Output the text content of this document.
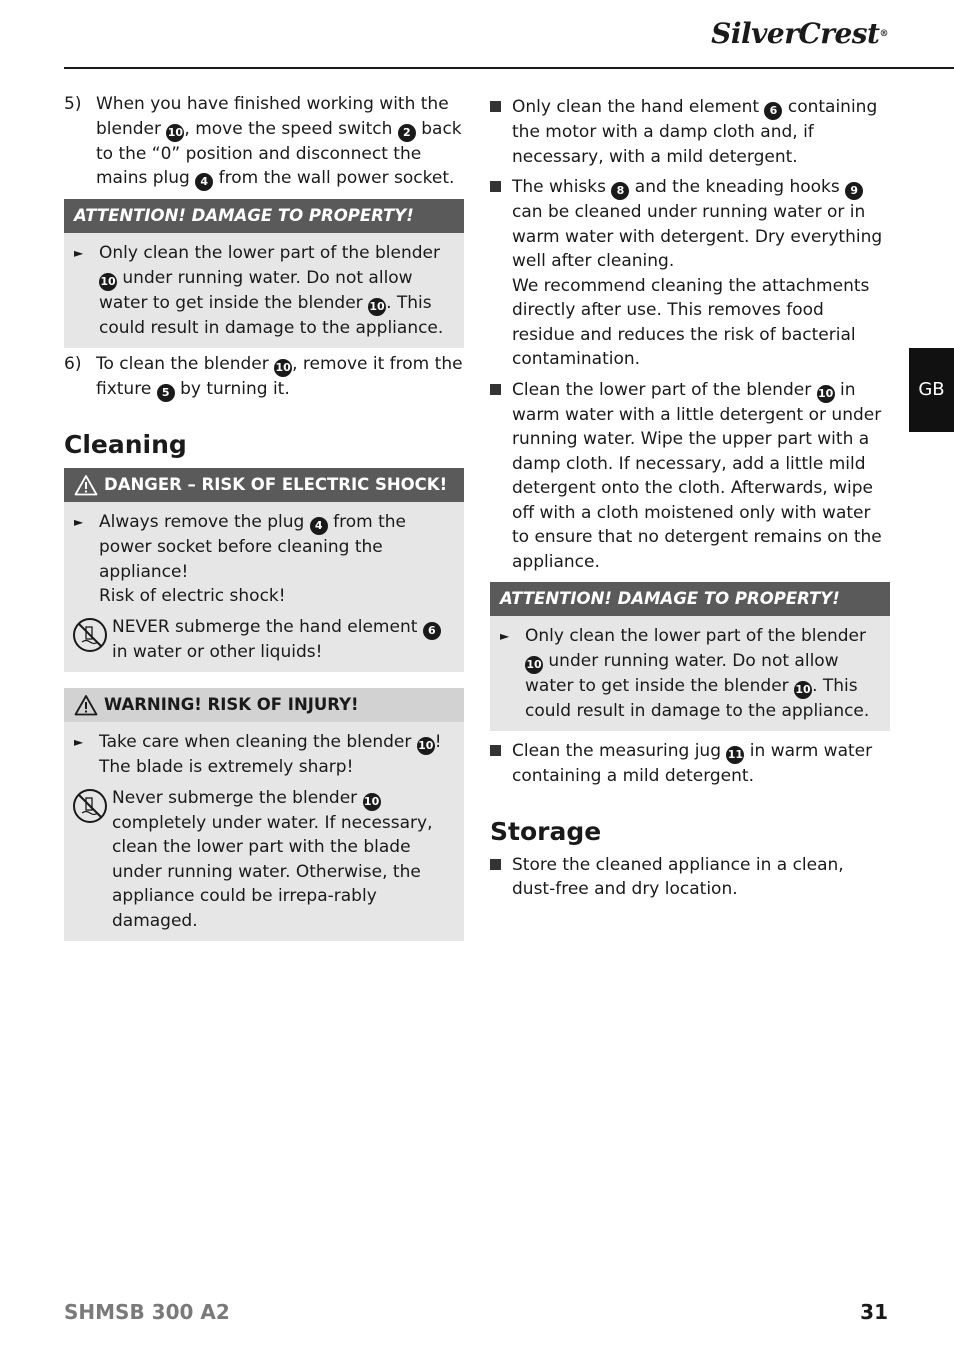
SilverCrest®
GB
5) When you have finished working with the blender 10, move the speed switch 2 back to the “0” position and disconnect the mains plug 4 from the wall power socket.
ATTENTION! DAMAGE TO PROPERTY!
► Only clean the lower part of the blender 10 under running water. Do not allow water to get inside the blender 10. This could result in damage to the appliance.
6) To clean the blender 10, remove it from the fixture 5 by turning it.
Cleaning
DANGER – RISK OF ELECTRIC SHOCK!
► Always remove the plug 4 from the power socket before cleaning the appliance!
Risk of electric shock!
NEVER submerge the hand element 6 in water or other liquids!
WARNING! RISK OF INJURY!
► Take care when cleaning the blender 10!
The blade is extremely sharp!
Never submerge the blender 10 completely under water. If necessary, clean the lower part with the blade under running water. Otherwise, the appliance could be irrepa-rably damaged.
Only clean the hand element 6 containing the motor with a damp cloth and, if necessary, with a mild detergent.
The whisks 8 and the kneading hooks 9 can be cleaned under running water or in warm water with detergent. Dry everything well after cleaning.
We recommend cleaning the attachments directly after use. This removes food residue and reduces the risk of bacterial contamination.
Clean the lower part of the blender 10 in warm water with a little detergent or under running water. Wipe the upper part with a damp cloth. If necessary, add a little mild detergent onto the cloth. Afterwards, wipe off with a cloth moistened only with water to ensure that no detergent remains on the appliance.
ATTENTION! DAMAGE TO PROPERTY!
► Only clean the lower part of the blender 10 under running water. Do not allow water to get inside the blender 10. This could result in damage to the appliance.
Clean the measuring jug 11 in warm water containing a mild detergent.
Storage
Store the cleaned appliance in a clean, dust-free and dry location.
SHMSB 300 A2	31
